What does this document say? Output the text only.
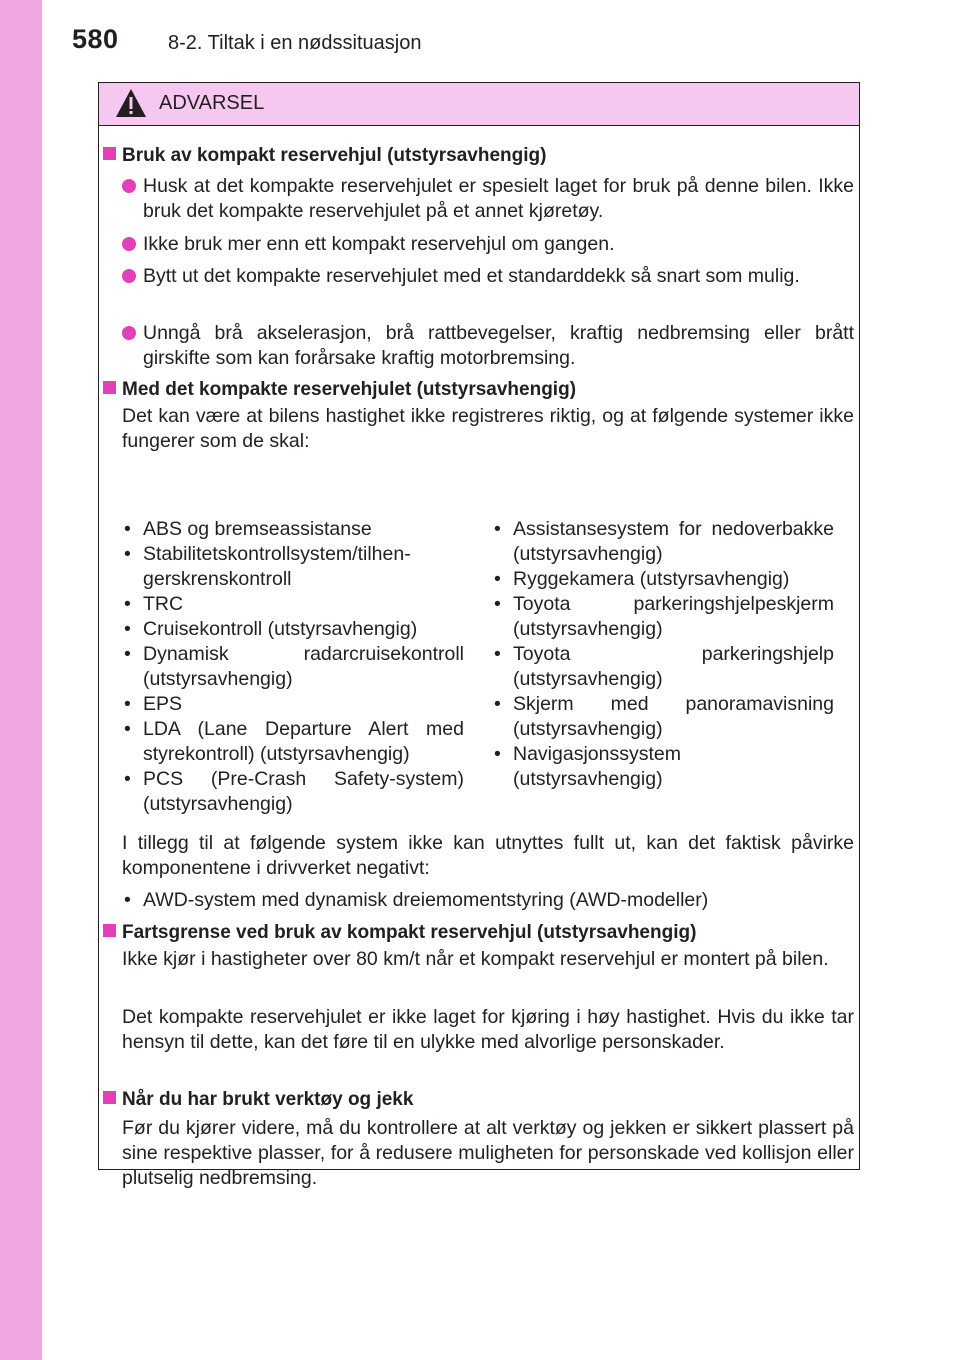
580 8-2. Tiltak i en nødssituasjon
ADVARSEL
Bruk av kompakt reservehjul (utstyrsavhengig)
Husk at det kompakte reservehjulet er spesielt laget for bruk på denne bilen. Ikke bruk det kompakte reservehjulet på et annet kjøretøy.
Ikke bruk mer enn ett kompakt reservehjul om gangen.
Bytt ut det kompakte reservehjulet med et standarddekk så snart som mulig.
Unngå brå akselerasjon, brå rattbevegelser, kraftig nedbremsing eller brått girskifte som kan forårsake kraftig motorbremsing.
Med det kompakte reservehjulet (utstyrsavhengig)
Det kan være at bilens hastighet ikke registreres riktig, og at følgende systemer ikke fungerer som de skal:
• ABS og bremseassistanse
• Stabilitetskontrollsystem/tilhengerskrenskontroll
• TRC
• Cruisekontroll (utstyrsavhengig)
• Dynamisk radarcruisekontroll (utstyrsavhengig)
• EPS
• LDA (Lane Departure Alert med styrekontroll) (utstyrsavhengig)
• PCS (Pre-Crash Safety-system) (utstyrsavhengig)
• Assistansesystem for nedoverbakke (utstyrsavhengig)
• Ryggekamera (utstyrsavhengig)
• Toyota parkeringshjelpeskjerm (utstyrsavhengig)
• Toyota parkeringshjelp (utstyrsavhengig)
• Skjerm med panoramavisning (utstyrsavhengig)
• Navigasjonssystem (utstyrsavhengig)
I tillegg til at følgende system ikke kan utnyttes fullt ut, kan det faktisk påvirke komponentene i drivverket negativt:
• AWD-system med dynamisk dreiemomentstyring (AWD-modeller)
Fartsgrense ved bruk av kompakt reservehjul (utstyrsavhengig)
Ikke kjør i hastigheter over 80 km/t når et kompakt reservehjul er montert på bilen.
Det kompakte reservehjulet er ikke laget for kjøring i høy hastighet. Hvis du ikke tar hensyn til dette, kan det føre til en ulykke med alvorlige personskader.
Når du har brukt verktøy og jekk
Før du kjører videre, må du kontrollere at alt verktøy og jekken er sikkert plassert på sine respektive plasser, for å redusere muligheten for personskade ved kollisjon eller plutselig nedbremsing.
